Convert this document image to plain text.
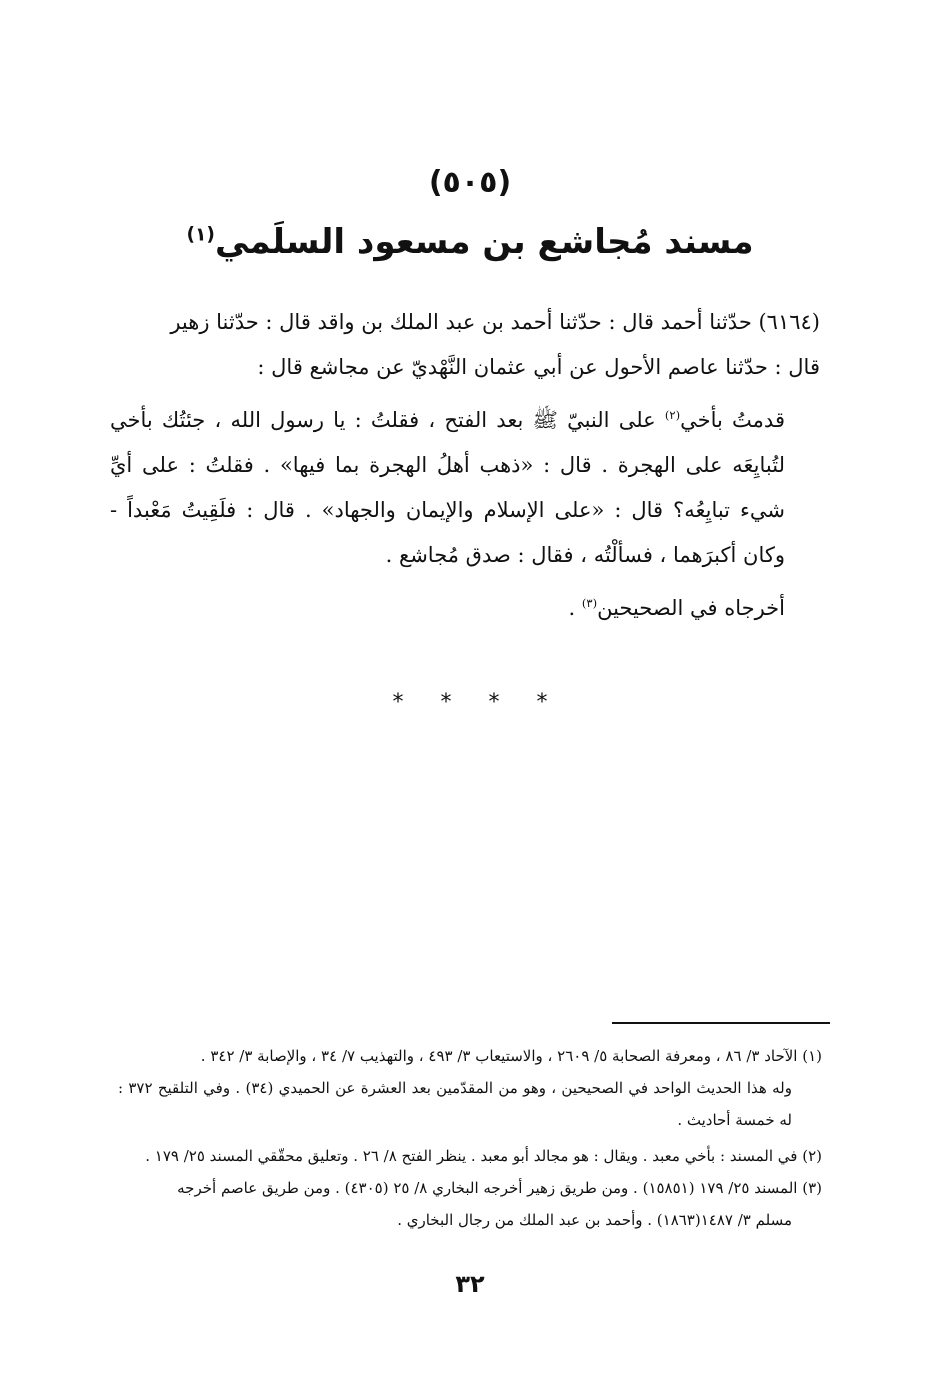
(٥٠٥)
مسند مُجاشع بن مسعود السلَمي$^{(١)}$

(٦١٦٤) حدّثنا أحمد قال : حدّثنا أحمد بن عبد الملك بن واقد قال : حدّثنا زهير

قال : حدّثنا عاصم الأحول عن أبي عثمان النَّهْديّ عن مجاشع قال :

قدمتُ بأخي$^{(٢)}$ على النبيّ ﷺ بعد الفتح ، فقلتُ : يا رسول الله ، جئتُك بأخي لتُبايِعَه على الهجرة . قال : «ذهب أهلُ الهجرة بما فيها» . فقلتُ : على أيِّ شيء تبايِعُه؟ قال : «على الإسلام والإيمان والجهاد» . قال : فلَقِيتُ مَعْبداً - وكان أكبرَهما ، فسألْتُه ، فقال : صدق مُجاشع .

أخرجاه في الصحيحين$^{(٣)}$ .

* * * *

(١) الآحاد ٣/ ٨٦ ، ومعرفة الصحابة ٥/ ٢٦٠٩ ، والاستيعاب ٣/ ٤٩٣ ، والتهذيب ٧/ ٣٤ ، والإصابة ٣/ ٣٤٢ .

وله هذا الحديث الواحد في الصحيحين ، وهو من المقدّمين بعد العشرة عن الحميدي (٣٤) . وفي التلقيح ٣٧٢ : له خمسة أحاديث .

(٢) في المسند : بأخي معبد . ويقال : هو مجالد أبو معبد . ينظر الفتح ٨/ ٢٦ . وتعليق محقّقي المسند ٢٥/ ١٧٩ .

(٣) المسند ٢٥/ ١٧٩ (١٥٨٥١) . ومن طريق زهير أخرجه البخاري ٨/ ٢٥ (٤٣٠٥) . ومن طريق عاصم أخرجه

مسلم ٣/ ١٤٨٧(١٨٦٣) . وأحمد بن عبد الملك من رجال البخاري .

٣٢
